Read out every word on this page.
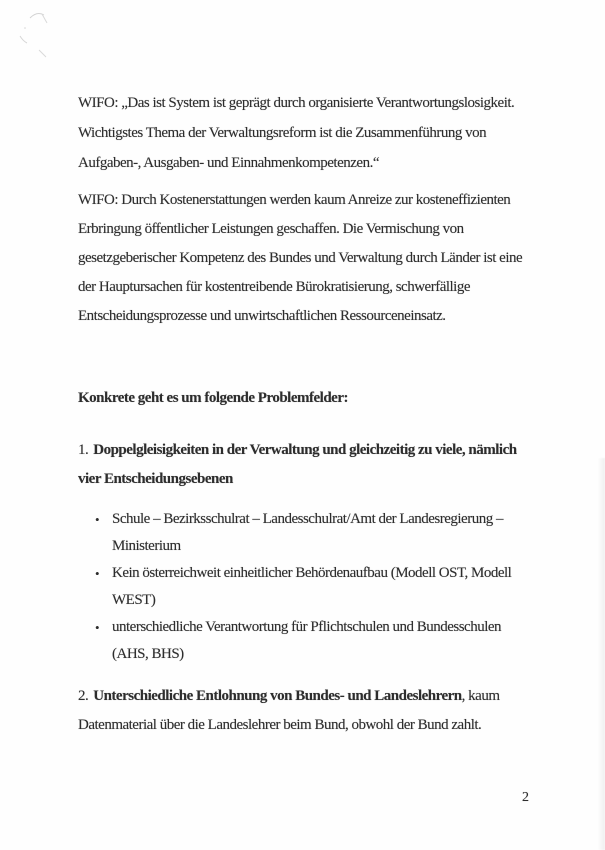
WIFO: „Das ist System ist geprägt durch organisierte Verantwortungslosigkeit.
Wichtigstes Thema der Verwaltungsreform ist die Zusammenführung von
Aufgaben-, Ausgaben- und Einnahmenkompetenzen.“
WIFO: Durch Kostenerstattungen werden kaum Anreize zur kosteneffizienten
Erbringung öffentlicher Leistungen geschaffen. Die Vermischung von
gesetzgeberischer Kompetenz des Bundes und Verwaltung durch Länder ist eine
der Hauptursachen für kostentreibende Bürokratisierung, schwerfällige
Entscheidungsprozesse und unwirtschaftlichen Ressourceneinsatz.
Konkrete geht es um folgende Problemfelder:
1. Doppelgleisigkeiten in der Verwaltung und gleichzeitig zu viele, nämlich
vier Entscheidungsebenen
• Schule – Bezirksschulrat – Landesschulrat/Amt der Landesregierung –
Ministerium
• Kein österreichweit einheitlicher Behördenaufbau (Modell OST, Modell
WEST)
• unterschiedliche Verantwortung für Pflichtschulen und Bundesschulen
(AHS, BHS)
2. Unterschiedliche Entlohnung von Bundes- und Landeslehrern, kaum
Datenmaterial über die Landeslehrer beim Bund, obwohl der Bund zahlt.
2
